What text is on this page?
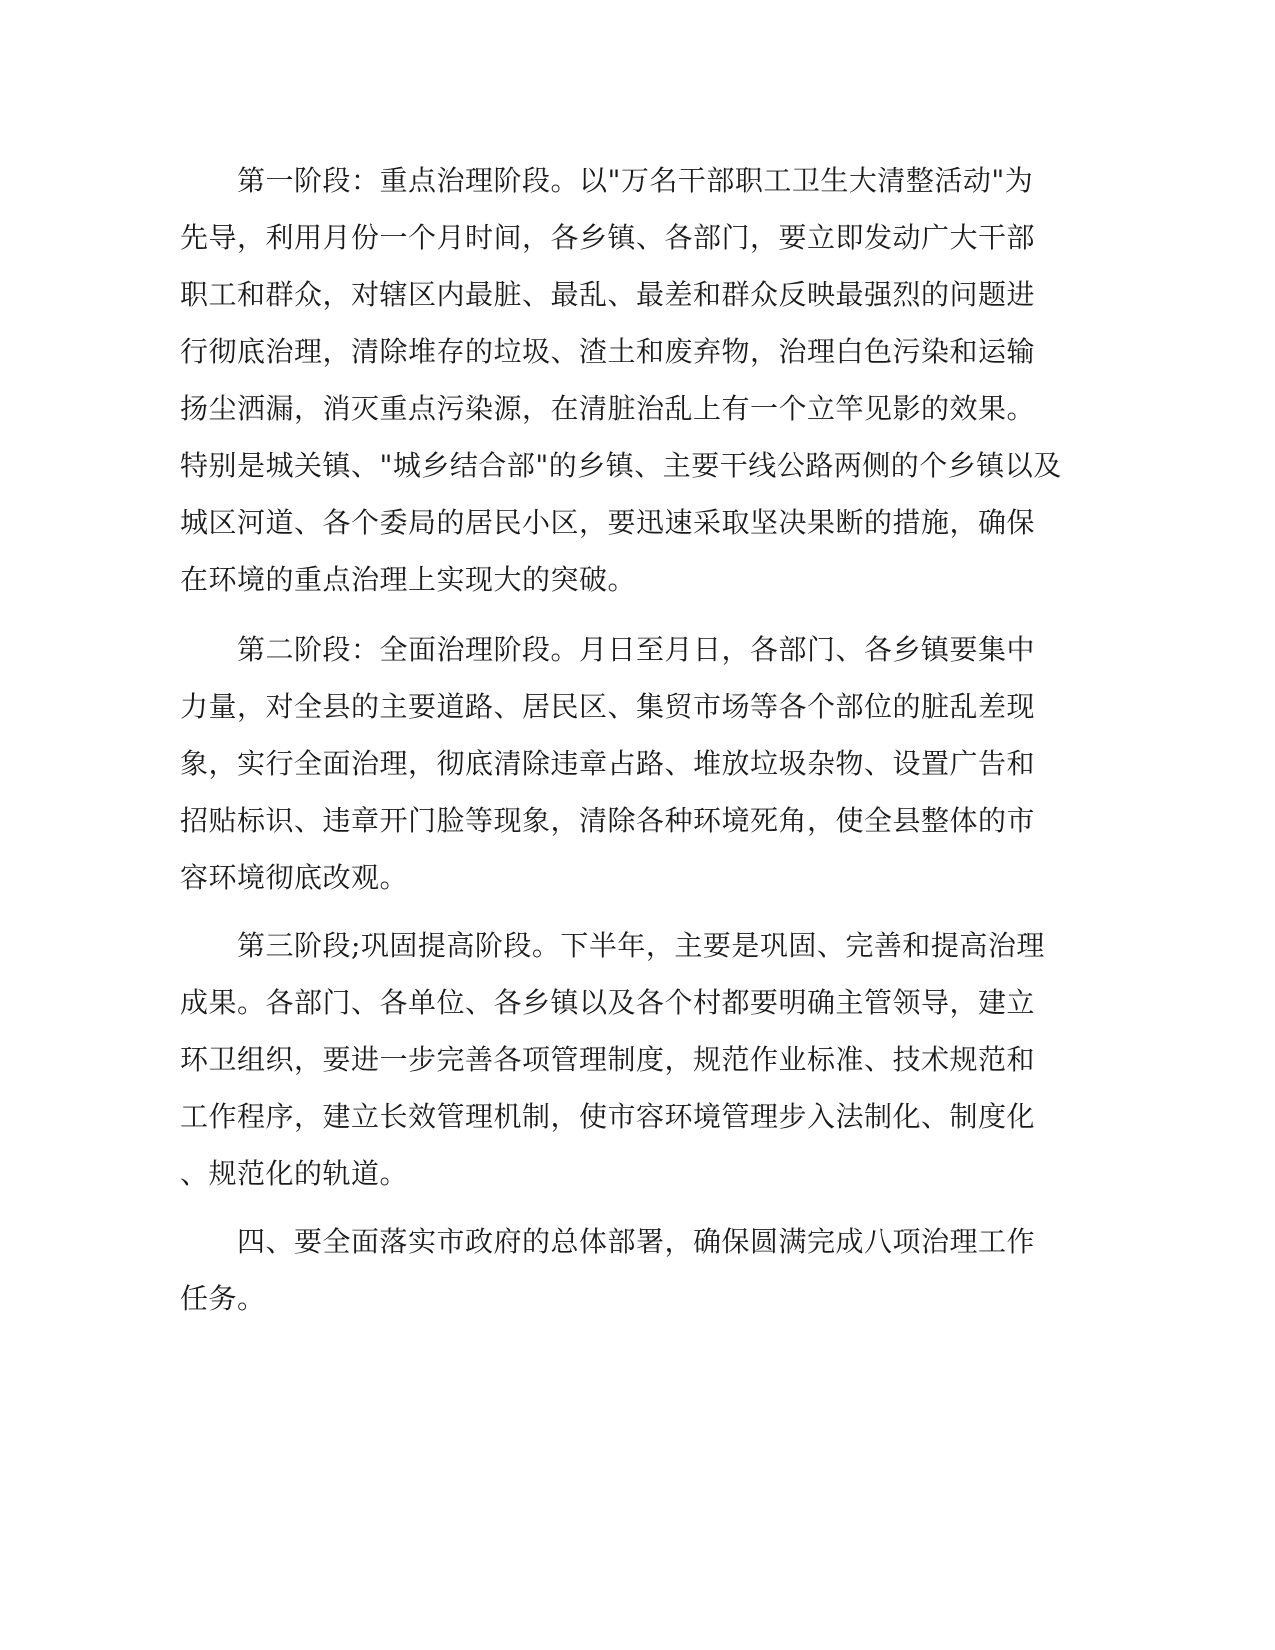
　　第一阶段：重点治理阶段。以"万名干部职工卫生大清整活动"为
先导，利用月份一个月时间，各乡镇、各部门，要立即发动广大干部
职工和群众，对辖区内最脏、最乱、最差和群众反映最强烈的问题进
行彻底治理，清除堆存的垃圾、渣土和废弃物，治理白色污染和运输
扬尘洒漏，消灭重点污染源，在清脏治乱上有一个立竿见影的效果。
特别是城关镇、"城乡结合部"的乡镇、主要干线公路两侧的个乡镇以及
城区河道、各个委局的居民小区，要迅速采取坚决果断的措施，确保
在环境的重点治理上实现大的突破。
　　第二阶段：全面治理阶段。月日至月日，各部门、各乡镇要集中
力量，对全县的主要道路、居民区、集贸市场等各个部位的脏乱差现
象，实行全面治理，彻底清除违章占路、堆放垃圾杂物、设置广告和
招贴标识、违章开门脸等现象，清除各种环境死角，使全县整体的市
容环境彻底改观。
　　第三阶段;巩固提高阶段。下半年，主要是巩固、完善和提高治理
成果。各部门、各单位、各乡镇以及各个村都要明确主管领导，建立
环卫组织，要进一步完善各项管理制度，规范作业标准、技术规范和
工作程序，建立长效管理机制，使市容环境管理步入法制化、制度化
、规范化的轨道。
　　四、要全面落实市政府的总体部署，确保圆满完成八项治理工作
任务。
